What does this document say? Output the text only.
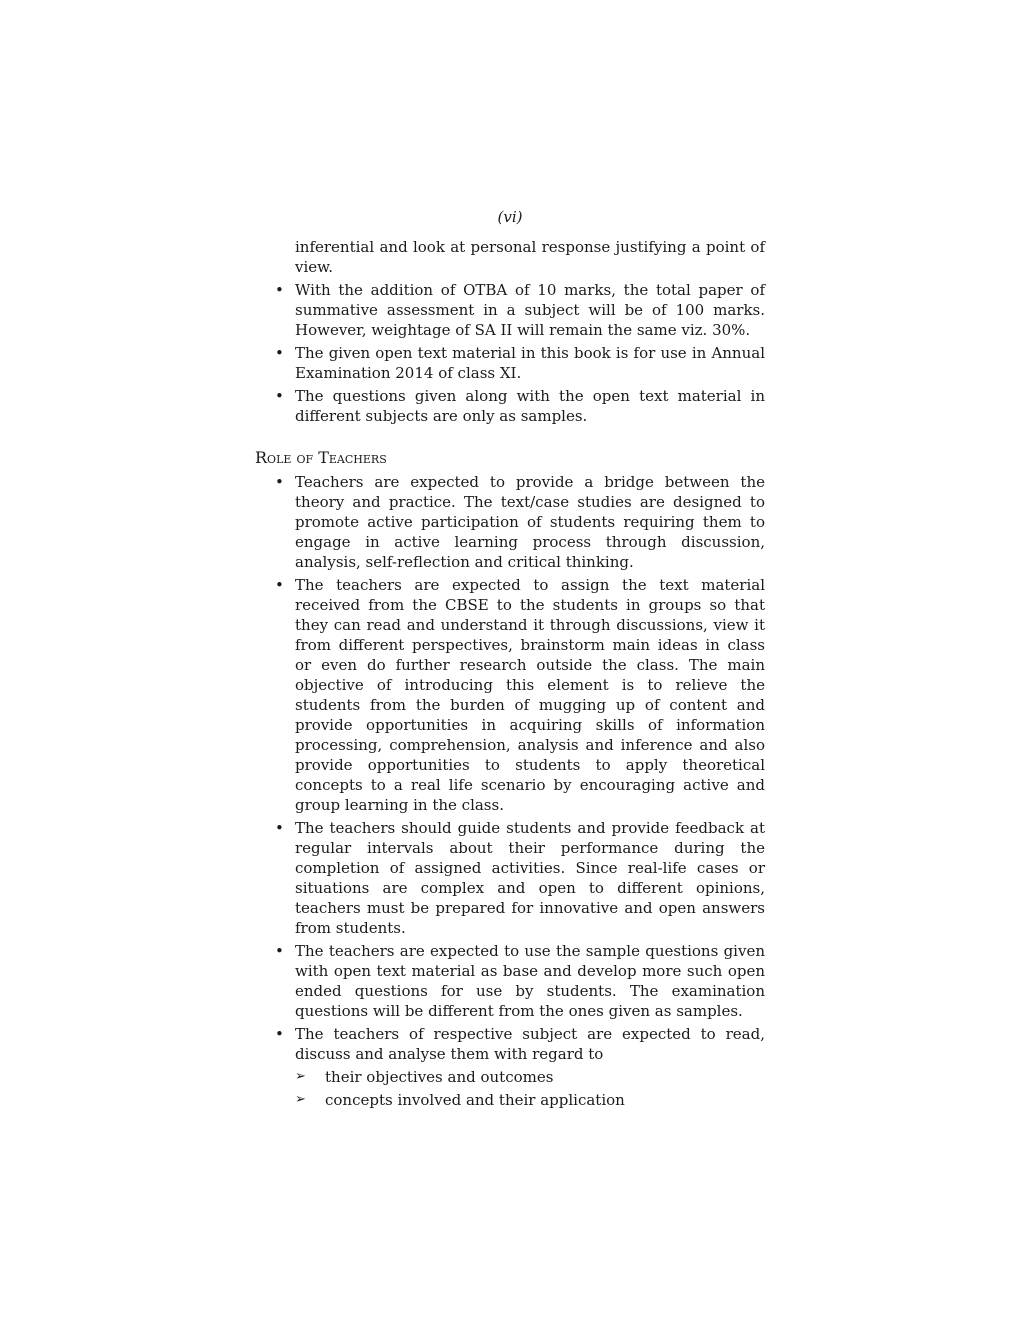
(vi)

inferential and look at personal response justifying a point of view.

• With the addition of OTBA of 10 marks, the total paper of summative assessment in a subject will be of 100 marks. However, weightage of SA II will remain the same viz. 30%.
• The given open text material in this book is for use in Annual Examination 2014 of class XI.
• The questions given along with the open text material in different subjects are only as samples.
Role of Teachers
• Teachers are expected to provide a bridge between the theory and practice. The text/case studies are designed to promote active participation of students requiring them to engage in active learning process through discussion, analysis, self-reflection and critical thinking.
• The teachers are expected to assign the text material received from the CBSE to the students in groups so that they can read and understand it through discussions, view it from different perspectives, brainstorm main ideas in class or even do further research outside the class. The main objective of introducing this element is to relieve the students from the burden of mugging up of content and provide opportunities in acquiring skills of information processing, comprehension, analysis and inference and also provide opportunities to students to apply theoretical concepts to a real life scenario by encouraging active and group learning in the class.
• The teachers should guide students and provide feedback at regular intervals about their performance during the completion of assigned activities. Since real-life cases or situations are complex and open to different opinions, teachers must be prepared for innovative and open answers from students.
• The teachers are expected to use the sample questions given with open text material as base and develop more such open ended questions for use by students. The examination questions will be different from the ones given as samples.
• The teachers of respective subject are expected to read, discuss and analyse them with regard to
➢ their objectives and outcomes
➢ concepts involved and their application
